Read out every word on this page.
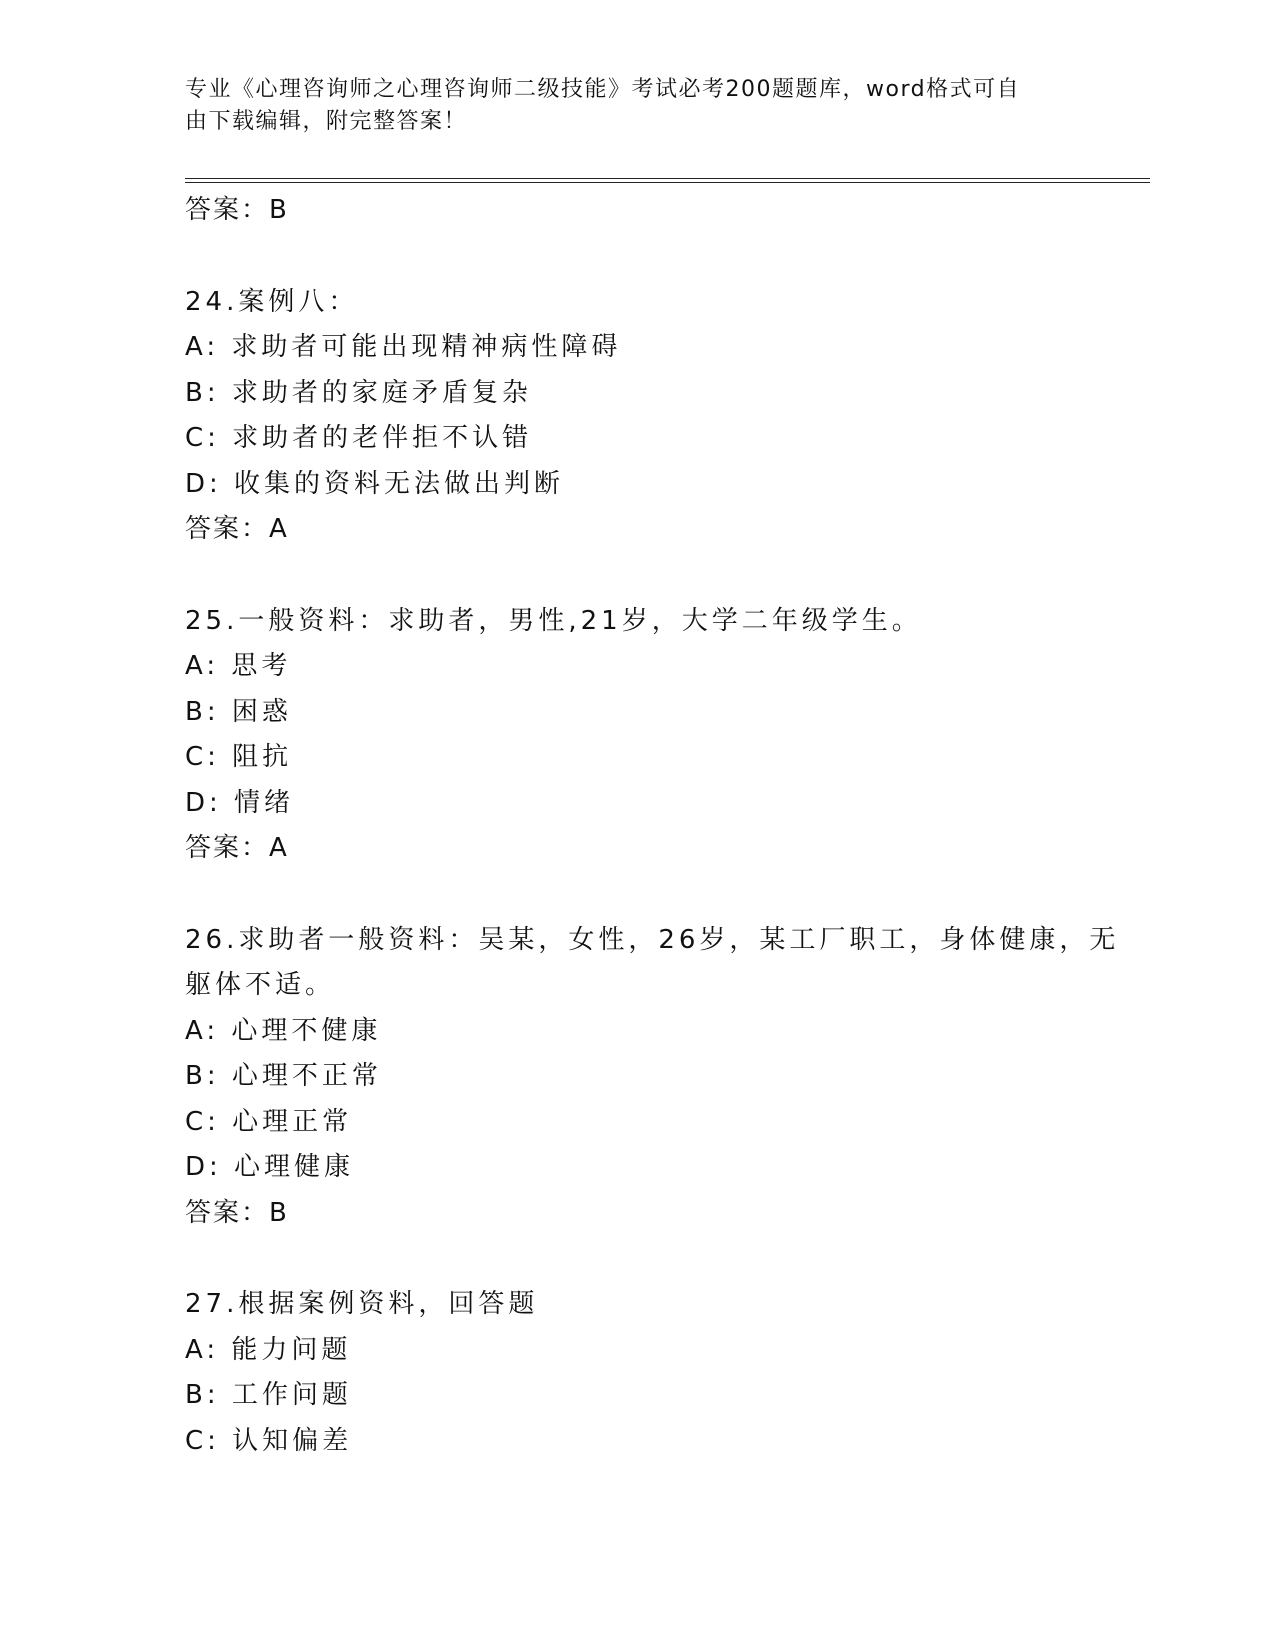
专业《心理咨询师之心理咨询师二级技能》考试必考200题题库，word格式可自
由下载编辑，附完整答案！
答案：B
24.案例八：
A: 求助者可能出现精神病性障碍
B: 求助者的家庭矛盾复杂
C: 求助者的老伴拒不认错
D: 收集的资料无法做出判断
答案：A
25.一般资料：求助者，男性,21岁，大学二年级学生。
A: 思考
B: 困惑
C: 阻抗
D: 情绪
答案：A
26.求助者一般资料：吴某，女性，26岁，某工厂职工，身体健康，无
躯体不适。
A: 心理不健康
B: 心理不正常
C: 心理正常
D: 心理健康
答案：B
27.根据案例资料，回答题
A: 能力问题
B: 工作问题
C: 认知偏差
